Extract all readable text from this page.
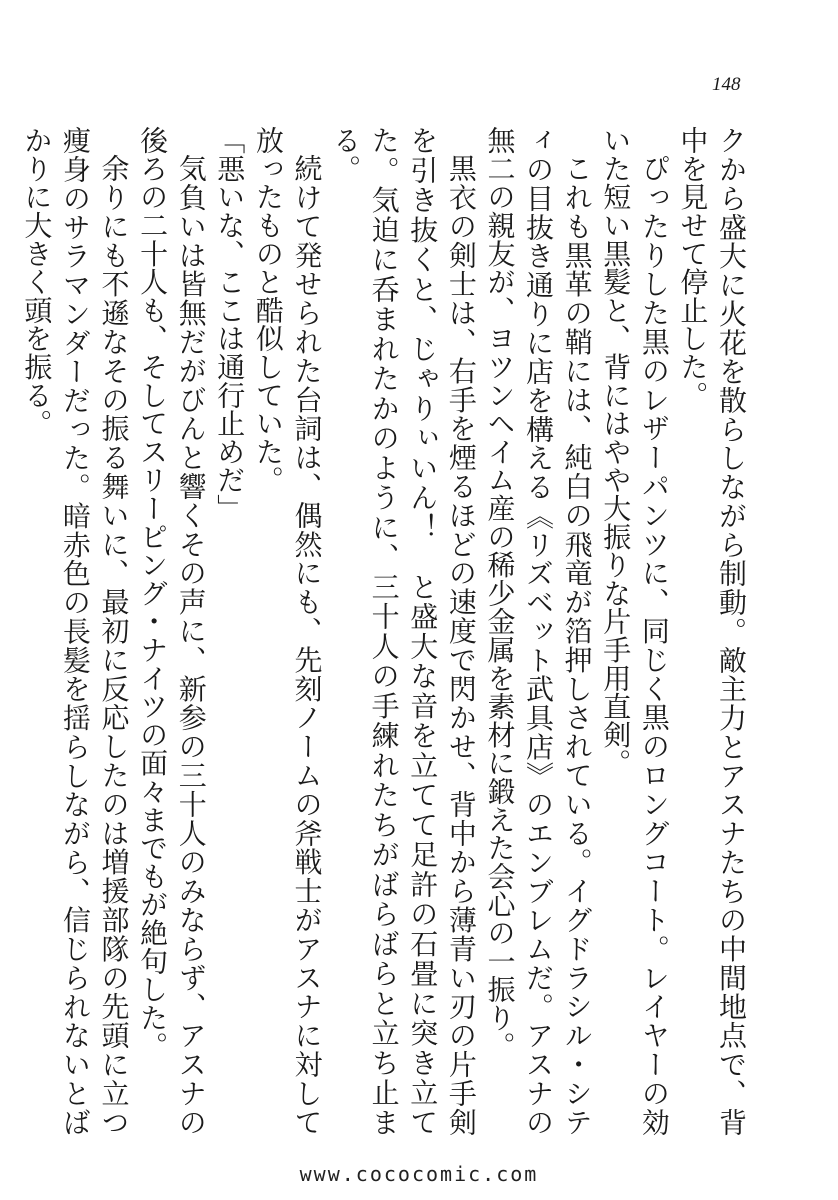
148

クから盛大に火花を散らしながら制動。敵主力とアスナたちの中間地点で、背中を見せて停止した。

ぴったりした黒のレザーパンツに、同じく黒のロングコート。レイヤーの効いた短い黒髪と、背にはやや大振りな片手用直剣。

これも黒革の鞘には、純白の飛竜が箔押しされている。イグドラシル・シティの目抜き通りに店を構える《リズベット武具店》のエンブレムだ。アスナの無二の親友が、ヨツンヘイム産の稀少金属を素材に鍛えた会心の一振り。

黒衣の剣士は、右手を煙るほどの速度で閃かせ、背中から薄青い刃の片手剣を引き抜くと、じゃりぃいん！　と盛大な音を立てて足許の石畳に突き立てた。気迫に呑まれたかのように、三十人の手練れたちがばらばらと立ち止まる。

続けて発せられた台詞は、偶然にも、先刻ノームの斧戦士がアスナに対して放ったものと酷似していた。

「悪いな、ここは通行止めだ」

気負いは皆無だがびんと響くその声に、新参の三十人のみならず、アスナの後ろの二十人も、そしてスリーピング・ナイツの面々までもが絶句した。

余りにも不遜なその振る舞いに、最初に反応したのは増援部隊の先頭に立つ痩身のサラマンダーだった。暗赤色の長髪を揺らしながら、信じられないとばかりに大きく頭を振る。

www.cococomic.com
